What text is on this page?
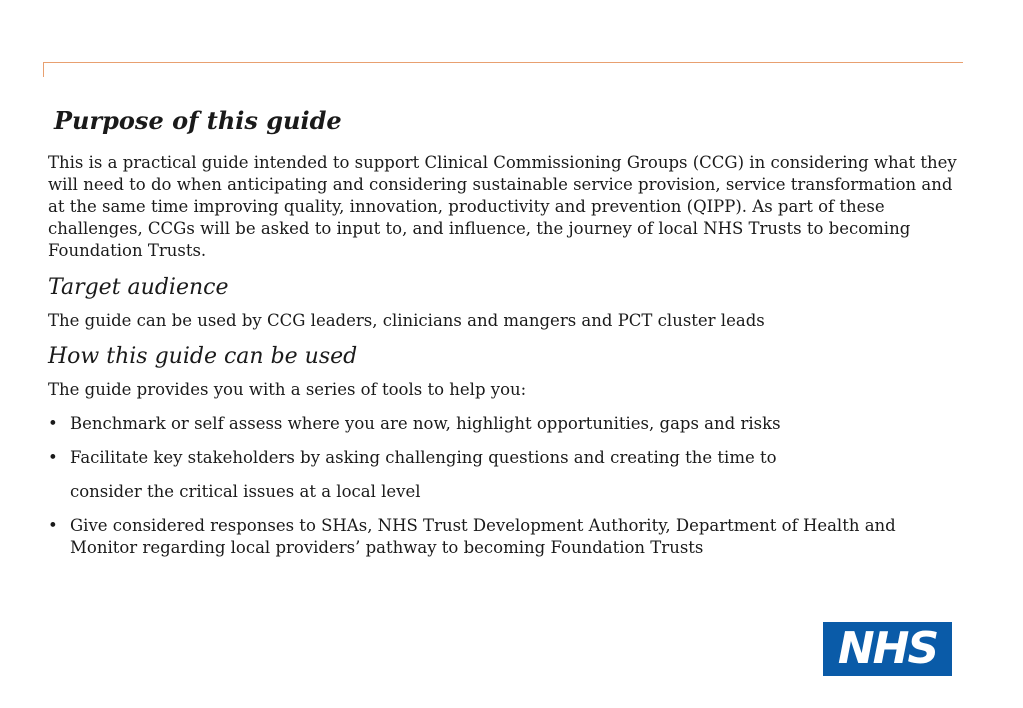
Purpose of this guide

This is a practical guide intended to support Clinical Commissioning Groups (CCG) in considering what they will need to do when anticipating and considering sustainable service provision, service transformation and at the same time improving quality, innovation, productivity and prevention (QIPP). As part of these challenges, CCGs will be asked to input to, and influence, the journey of local NHS Trusts to becoming Foundation Trusts.

Target audience

The guide can be used by CCG leaders, clinicians and mangers and PCT cluster leads

How this guide can be used

The guide provides you with a series of tools to help you:

• Benchmark or self assess where you are now, highlight opportunities, gaps and risks
• Facilitate key stakeholders by asking challenging questions and creating the time to
consider the critical issues at a local level
• Give considered responses to SHAs, NHS Trust Development Authority, Department of Health and Monitor regarding local providers’ pathway to becoming Foundation Trusts
NHS
